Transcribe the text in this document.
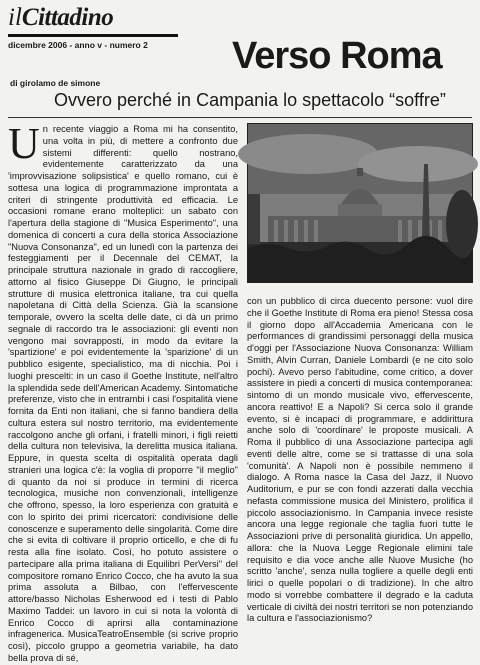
ilCittadino
dicembre 2006 - anno v - numero 2	Verso Roma
di girolamo de simone
Ovvero perché in Campania lo spettacolo “soffre”
Un recente viaggio a Roma mi ha consentito, una volta in più, di mettere a confronto due sistemi differenti: quello nostrano, evidentemente caratterizzato da una 'improvvisazione solipsistica' e quello romano, cui è sottesa una logica di programmazione improntata a criteri di stringente produttività ed efficacia. Le occasioni romane erano molteplici: un sabato con l'apertura della stagione di "Musica Esperimento", una domenica di concerti a cura della storica Associazione "Nuova Consonanza", ed un lunedì con la partenza dei festeggiamenti per il Decennale del CEMAT, la principale struttura nazionale in grado di raccogliere, attorno al fisico Giuseppe Di Giugno, le principali strutture di musica elettronica italiane, tra cui quella napoletana di Città della Scienza. Già la scansione temporale, ovvero la scelta delle date, ci dà un primo segnale di raccordo tra le associazioni: gli eventi non vengono mai sovrapposti, in modo da evitare la 'spartizione' e poi evidentemente la 'sparizione' di un pubblico esigente, specialistico, ma di nicchia. Poi i luoghi prescelti: in un caso il Goethe Institute, nell'altro la splendida sede dell'American Academy. Sintomatiche preferenze, visto che in entrambi i casi l'ospitalità viene fornita da Enti non italiani, che si fanno bandiera della cultura estera sul nostro territorio, ma evidentemente raccolgono anche gli orfani, i fratelli minori, i figli reietti della cultura non televisiva, la derelitta musica italiana. Eppure, in questa scelta di ospitalità operata dagli stranieri una logica c'è: la voglia di proporre "il meglio" di quanto da noi si produce in termini di ricerca tecnologica, musiche non convenzionali, intelligenze che offrono, spesso, la loro esperienza con gratuità e con lo spirito dei primi ricercatori: condivisione delle conoscenze e superamento delle singolarità. Come dire che si evita di coltivare il proprio orticello, e che di fu resta alla fine isolato. Così, ho potuto assistere o partecipare alla prima italiana di Equilibri PerVersi" del compositore romano Enrico Cocco, che ha avuto la sua prima assoluta a Bilbao, con l'effervescente attore/basso Nicholas Esherwood ed i testi di Pablo Maximo Taddei: un lavoro in cui si nota la volontà di Enrico Cocco di aprirsi alla contaminazione infragenerica. MusicaTeatroEnsemble (si scrive proprio così), piccolo gruppo a geometria variabile, ha dato bella prova di sé,
con un pubblico di circa duecento persone: vuol dire che il Goethe Institute di Roma era pieno! Stessa cosa il giorno dopo all'Accademia Americana con le performances di grandissimi personaggi della musica d'oggi per l'Associazione Nuova Consonanza: William Smith, Alvin Curran, Daniele Lombardi (e ne cito solo pochi). Avevo perso l'abitudine, come critico, a dover assistere in piedi a concerti di musica contemporanea: sintomo di un mondo musicale vivo, effervescente, ancora reattivo! E a Napoli? Si cerca solo il grande evento, si è incapaci di programmare, e addirittura anche solo di 'coordinare' le proposte musicali. A Roma il pubblico di una Associazione partecipa agli eventi delle altre, come se si trattasse di una sola 'comunità'. A Napoli non è possibile nemmeno il dialogo. A Roma nasce la Casa del Jazz, il Nuovo Auditorium, e pur se con fondi azzerati dalla vecchia nefasta commissione musica del Ministero, prolifica il piccolo associazionismo. In Campania invece resiste ancora una legge regionale che taglia fuori tutte le Associazioni prive di personalità giuridica. Un appello, allora: che la Nuova Legge Regionale elimini tale requisito e dia voce anche alle Nuove Musiche (ho scritto 'anche', senza nulla togliere a quelle degli enti lirici o quelle popolari o di tradizione). In che altro modo si vorrebbe combattere il degrado e la caduta verticale di civiltà dei nostri territori se non potenziando la cultura e l'associazionismo?
